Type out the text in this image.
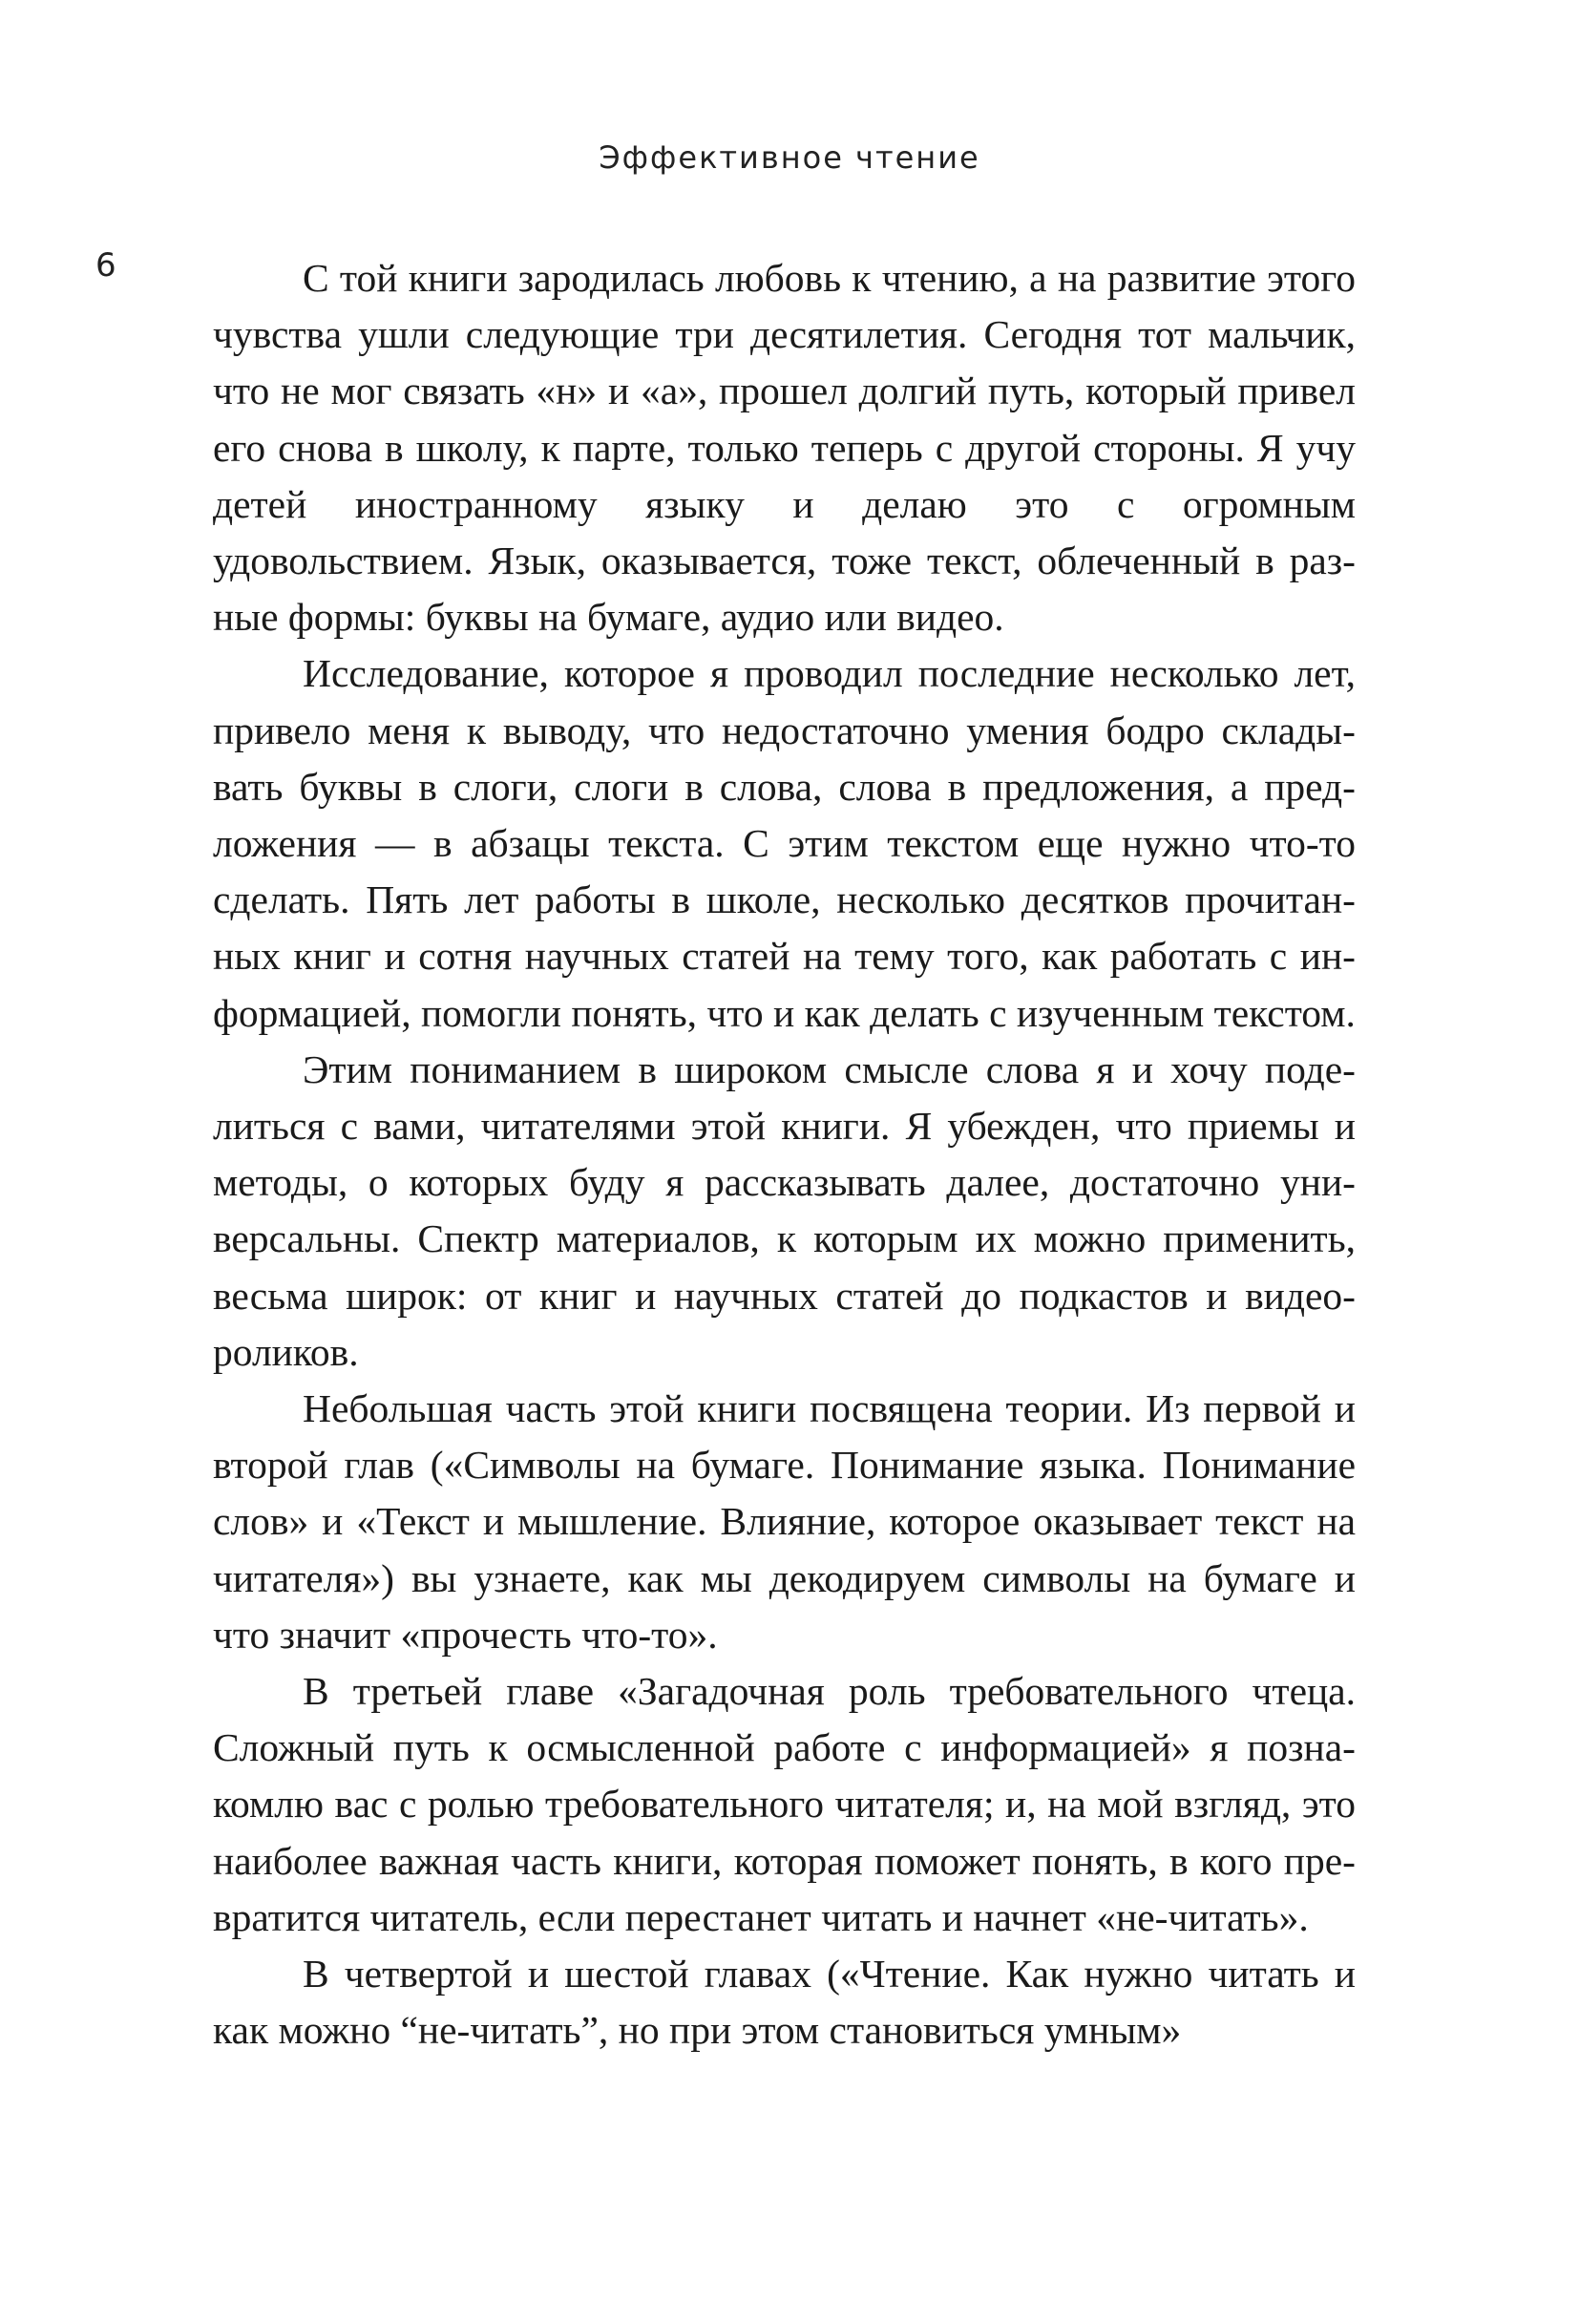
Эффективное чтение
6	С той книги зародилась любовь к чтению, а на развитие этого чувства ушли следующие три десятилетия. Сегодня тот мальчик, что не мог связать «н» и «а», прошел долгий путь, который привел его снова в школу, к парте, только теперь с другой стороны. Я учу детей иностранному языку и делаю это с огромным удовольствием. Язык, оказывается, тоже текст, облеченный в разные формы: буквы на бумаге, аудио или видео.

Исследование, которое я проводил последние несколько лет, привело меня к выводу, что недостаточно умения бодро складывать буквы в слоги, слоги в слова, слова в предложения, а предложения — в абзацы текста. С этим текстом еще нужно что-то сделать. Пять лет работы в школе, несколько десятков прочитанных книг и сотня научных статей на тему того, как работать с информацией, помогли понять, что и как делать с изученным текстом.

Этим пониманием в широком смысле слова я и хочу поделиться с вами, читателями этой книги. Я убежден, что приемы и методы, о которых буду я рассказывать далее, достаточно универсальны. Спектр материалов, к которым их можно применить, весьма широк: от книг и научных статей до подкастов и видеороликов.

Небольшая часть этой книги посвящена теории. Из первой и второй глав («Символы на бумаге. Понимание языка. Понимание слов» и «Текст и мышление. Влияние, которое оказывает текст на читателя») вы узнаете, как мы декодируем символы на бумаге и что значит «прочесть что-то».

В третьей главе «Загадочная роль требовательного чтеца. Сложный путь к осмысленной работе с информацией» я познакомлю вас с ролью требовательного читателя; и, на мой взгляд, это наиболее важная часть книги, которая поможет понять, в кого превратится читатель, если перестанет читать и начнет «не-читать».

В четвертой и шестой главах («Чтение. Как нужно читать и как можно “не-читать”, но при этом становиться умным»
